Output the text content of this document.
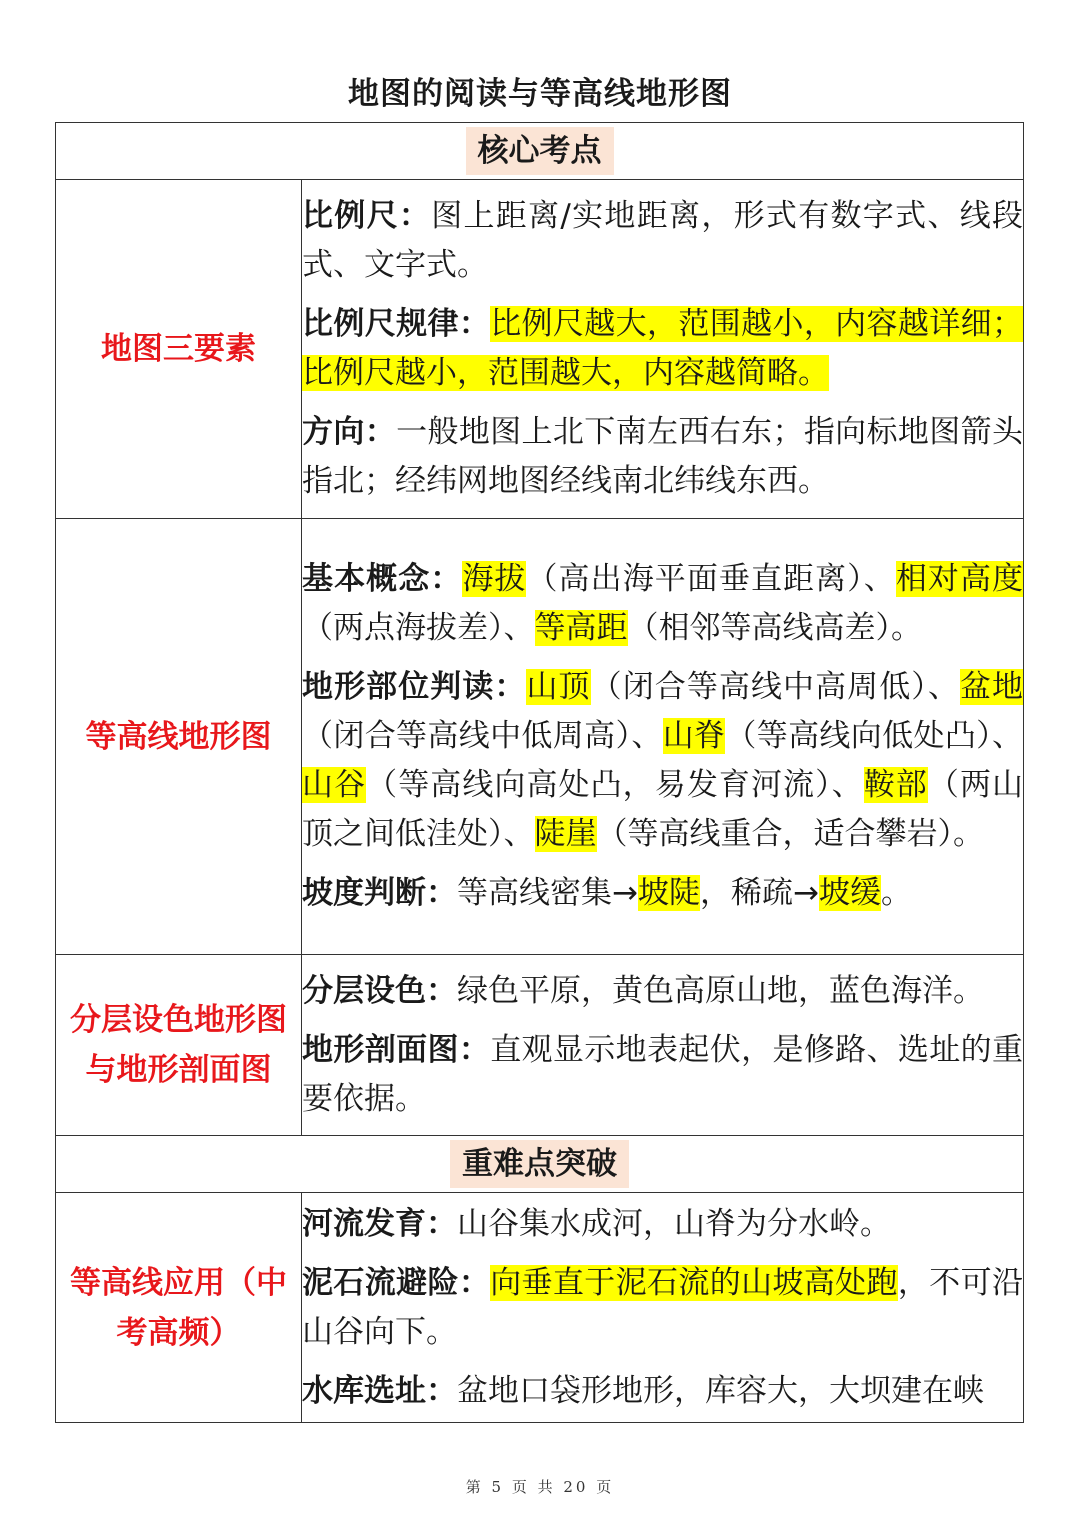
地图的阅读与等高线地形图
核心考点	

地图三要素	比例尺：图上距离/实地距离，形式有数字式、线段式、文字式。
比例尺规律：比例尺越大，范围越小，内容越详细；比例尺越小，范围越大，内容越简略。
方向：一般地图上北下南左西右东；指向标地图箭头指北；经纬网地图经线南北纬线东西。

等高线地形图	基本概念：海拔（高出海平面垂直距离）、相对高度（两点海拔差）、等高距（相邻等高线高差）。
地形部位判读：山顶（闭合等高线中高周低）、盆地（闭合等高线中低周高）、山脊（等高线向低处凸）、山谷（等高线向高处凸，易发育河流）、鞍部（两山顶之间低洼处）、陡崖（等高线重合，适合攀岩）。
坡度判断：等高线密集→坡陡，稀疏→坡缓。

分层设色地形图与地形剖面图	分层设色：绿色平原，黄色高原山地，蓝色海洋。
地形剖面图：直观显示地表起伏，是修路、选址的重要依据。

重难点突破	

等高线应用（中考高频）	河流发育：山谷集水成河，山脊为分水岭。
泥石流避险：向垂直于泥石流的山坡高处跑，不可沿山谷向下。
水库选址：盆地口袋形地形，库容大，大坝建在峡
第 5 页 共 20 页
